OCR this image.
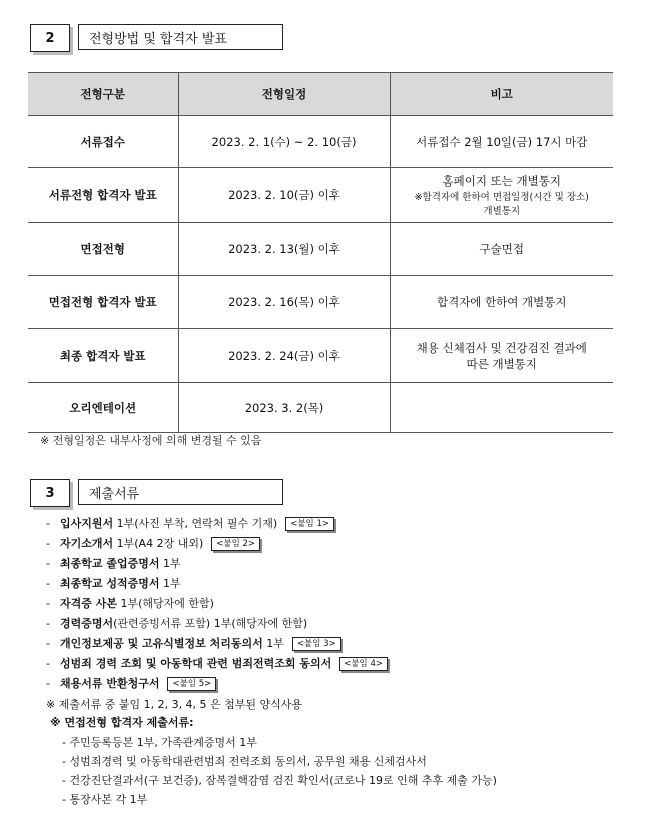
2	전형방법 및 합격자 발표
전형구분	전형일정	비고
서류접수	2023. 2. 1(수) ~ 2. 10(금)	서류접수 2월 10일(금) 17시 마감

서류전형 합격자 발표	2023. 2. 10(금) 이후	홈페이지 또는 개별통지
※합격자에 한하여 면접일정(시간 및 장소)
개별통지

면접전형	2023. 2. 13(월) 이후	구술면접

면접전형 합격자 발표	2023. 2. 16(목) 이후	합격자에 한하여 개별통지

최종 합격자 발표	2023. 2. 24(금) 이후	채용 신체검사 및 건강검진 결과에
따른 개별통지

오리엔테이션	2023. 3. 2(목)	
※ 전형일정은 내부사정에 의해 변경될 수 있음
3	제출서류
- 입사지원서 1부(사진 부착, 연락처 필수 기재) <붙임 1>
- 자기소개서 1부(A4 2장 내외) <붙임 2>
- 최종학교 졸업증명서 1부
- 최종학교 성적증명서 1부
- 자격증 사본 1부(해당자에 한함)
- 경력증명서(관련증빙서류 포함) 1부(해당자에 한함)
- 개인정보제공 및 고유식별정보 처리동의서 1부 <붙임 3>
- 성범죄 경력 조회 및 아동학대 관련 범죄전력조회 동의서 <붙임 4>
- 채용서류 반환청구서 <붙임 5>
※ 제출서류 중 붙임 1, 2, 3, 4, 5 은 첨부된 양식사용
※ 면접전형 합격자 제출서류:
- 주민등록등본 1부, 가족관계증명서 1부
- 성범죄경력 및 아동학대관련범죄 전력조회 동의서, 공무원 채용 신체검사서
- 건강진단결과서(구 보건증), 잠복결핵감염 검진 확인서(코로나 19로 인해 추후 제출 가능)
- 통장사본 각 1부
